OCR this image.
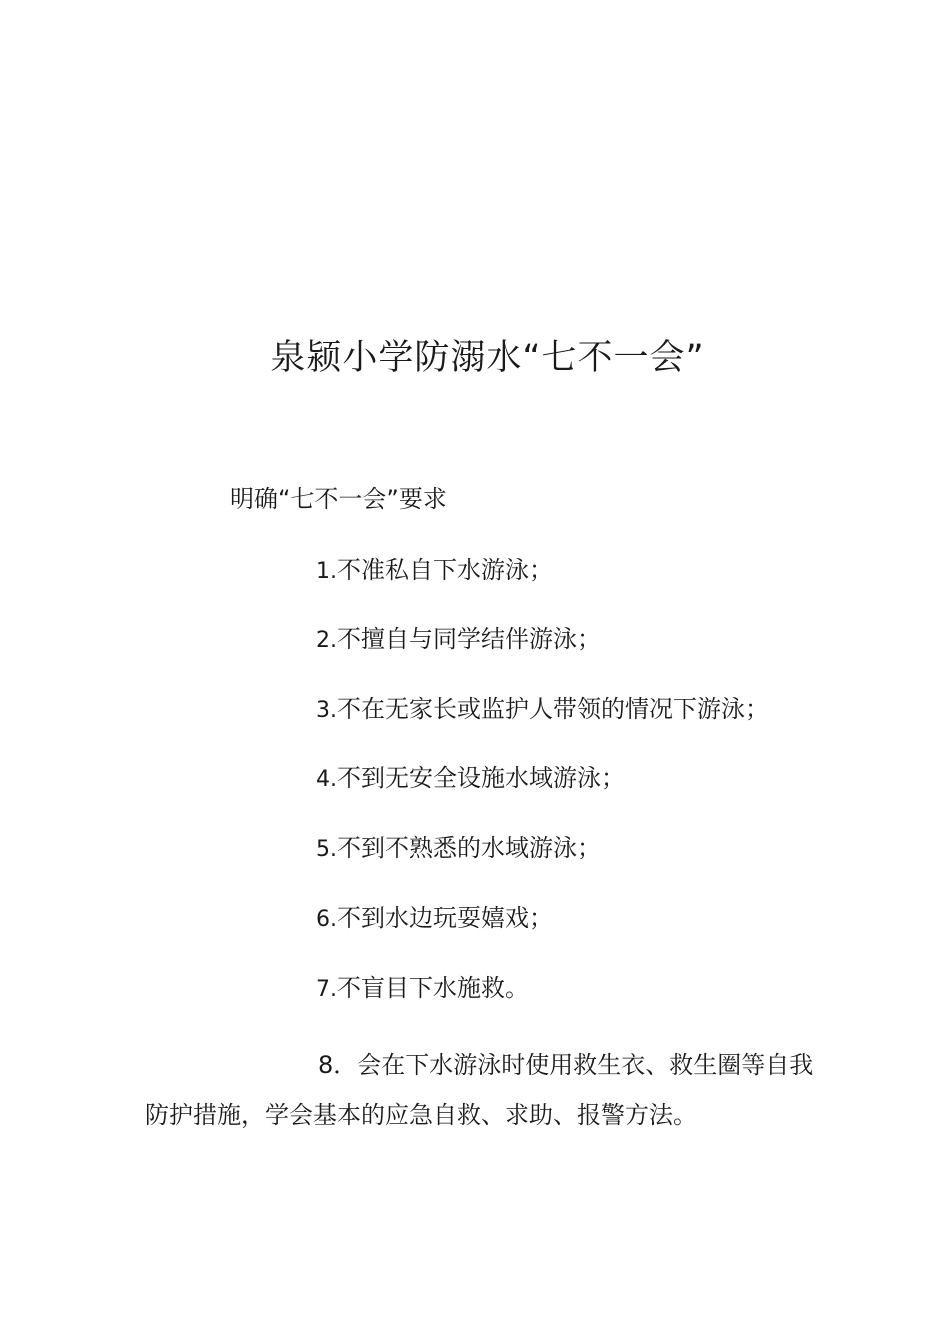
泉颍小学防溺水“七不一会”
明确“七不一会”要求
1.不准私自下水游泳；
2.不擅自与同学结伴游泳；
3.不在无家长或监护人带领的情况下游泳；
4.不到无安全设施水域游泳；
5.不到不熟悉的水域游泳；
6.不到水边玩耍嬉戏；
7.不盲目下水施救。
8．会在下水游泳时使用救生衣、救生圈等自我防护措施，学会基本的应急自救、求助、报警方法。
